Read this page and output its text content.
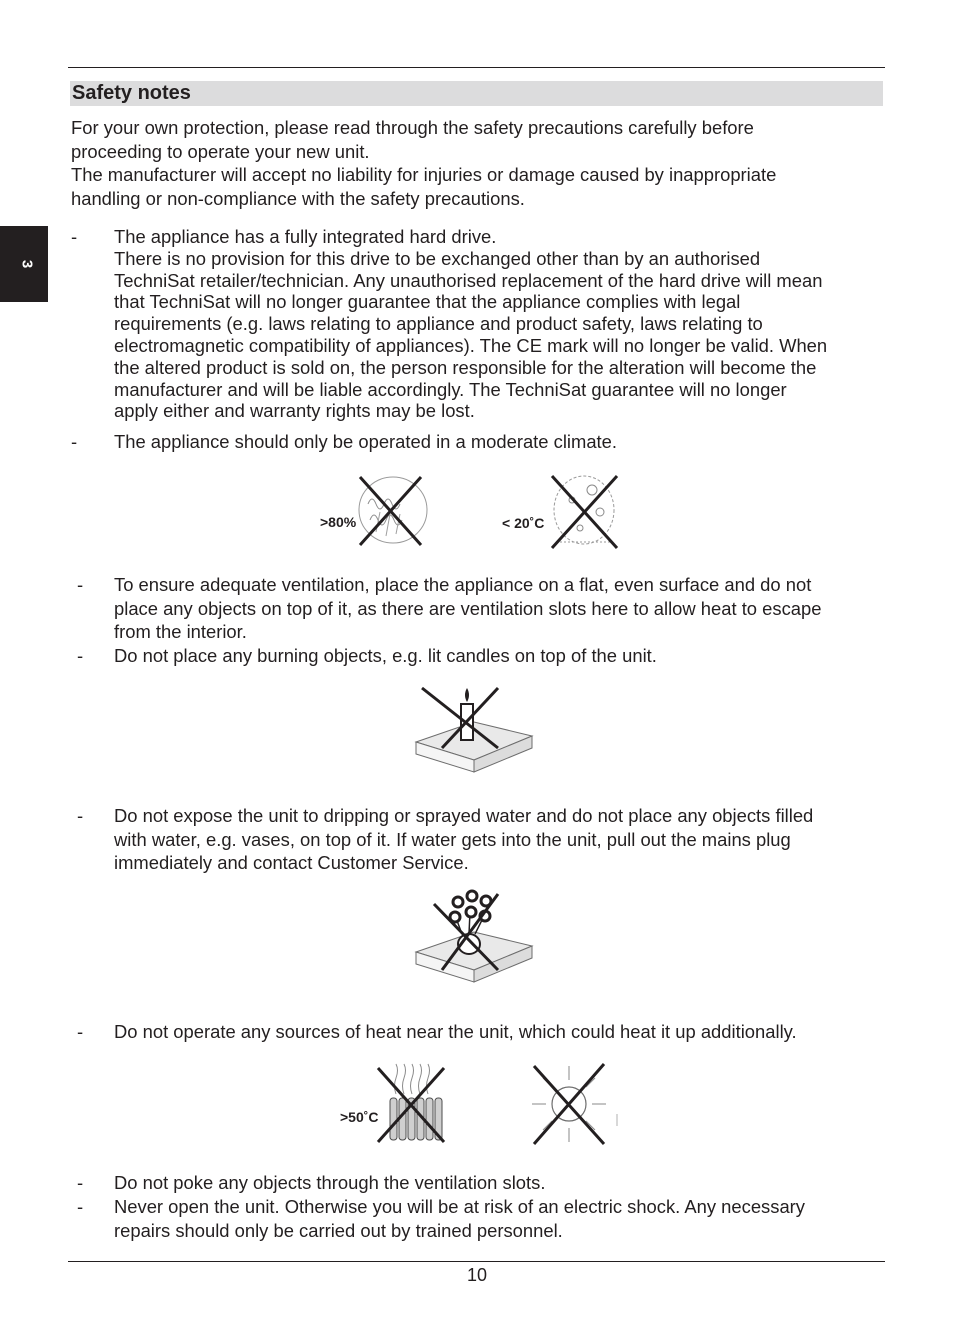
Safety notes
3
For your own protection, please read through the safety precautions carefully before
proceeding to operate your new unit.
The manufacturer will accept no liability for injuries or damage caused by inappropriate
handling or non-compliance with the safety precautions.
- The appliance has a fully integrated hard drive.
There is no provision for this drive to be exchanged other than by an authorised
TechniSat retailer/technician. Any unauthorised replacement of the hard drive will mean
that TechniSat will no longer guarantee that the appliance complies with legal
requirements (e.g. laws relating to appliance and product safety, laws relating to
electromagnetic compatibility of appliances). The CE mark will no longer be valid. When
the altered product is sold on, the person responsible for the alteration will become the
manufacturer and will be liable accordingly. The TechniSat guarantee will no longer
apply either and warranty rights may be lost.
- The appliance should only be operated in a moderate climate.
>80%	< 20˚C
- To ensure adequate ventilation, place the appliance on a flat, even surface and do not
place any objects on top of it, as there are ventilation slots here to allow heat to escape
from the interior.
- Do not place any burning objects, e.g. lit candles on top of the unit.
- Do not expose the unit to dripping or sprayed water and do not place any objects filled
with water, e.g. vases, on top of it. If water gets into the unit, pull out the mains plug
immediately and contact Customer Service.
- Do not operate any sources of heat near the unit, which could heat it up additionally.
>50˚C
- Do not poke any objects through the ventilation slots.
- Never open the unit. Otherwise you will be at risk of an electric shock. Any necessary
repairs should only be carried out by trained personnel.
10
